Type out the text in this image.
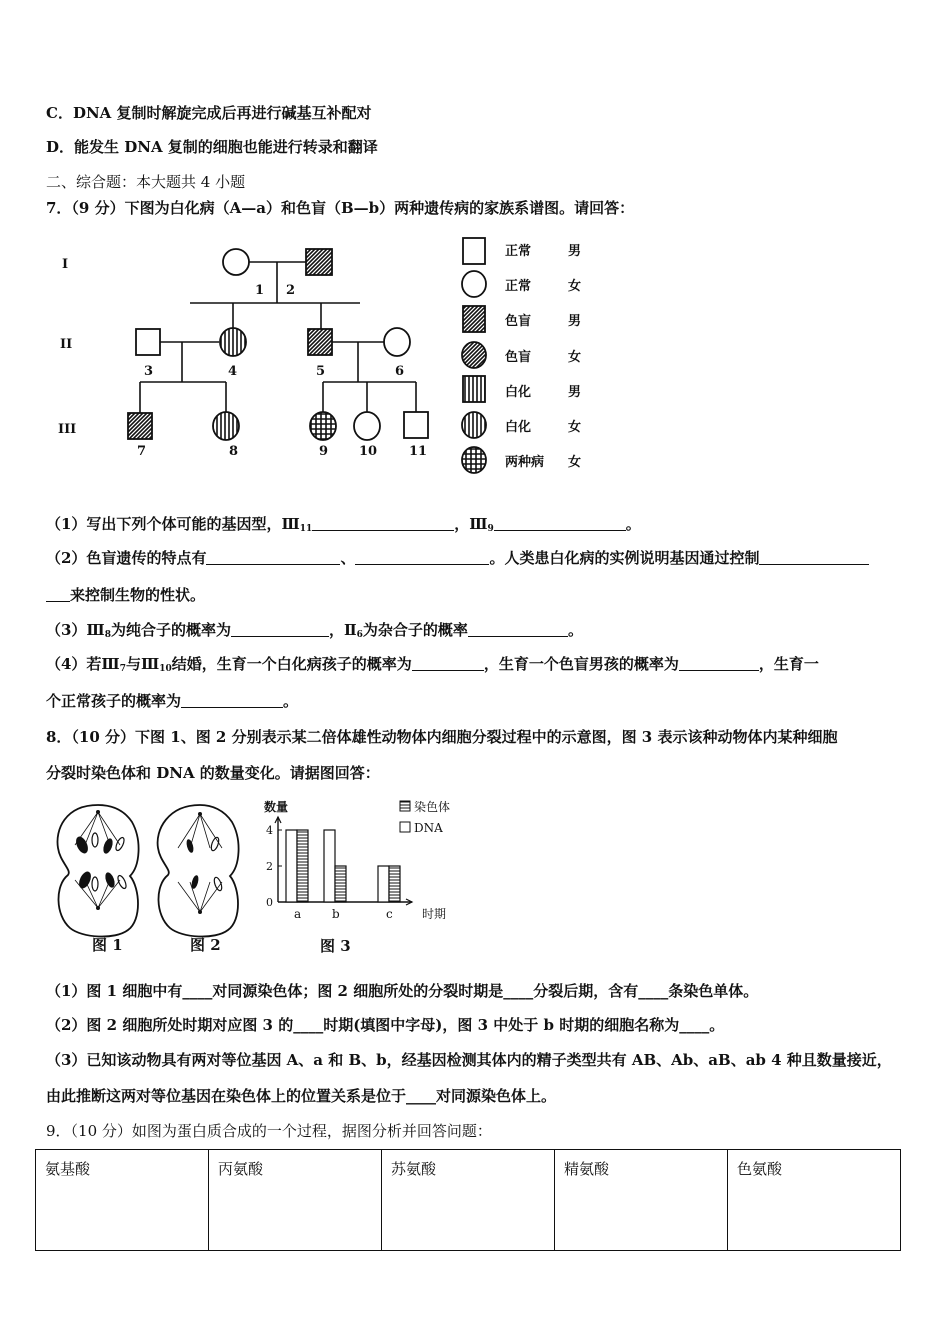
C．DNA 复制时解旋完成后再进行碱基互补配对
D．能发生 DNA 复制的细胞也能进行转录和翻译
二、综合题：本大题共 4 小题
7．（9 分）下图为白化病（A—a）和色盲（B—b）两种遗传病的家族系谱图。请回答：
I
II
III
1 2
3	4	5	6
7	8	9 10 11
正常	男
正常	女
色盲	男
色盲	女
白化	男
白化	女
两种病 女
（1）写出下列个体可能的基因型，$Ⅲ_{11}$	，$Ⅲ_9$	。
（2）色盲遗传的特点有	、	。人类患白化病的实例说明基因通过控制
来控制生物的性状。
$(3)Ⅲ_8$为纯合子的概率为	，$Ⅱ_6$为杂合子的概率	。
（4）若$Ⅲ_7$与$Ⅲ_{10}$结婚，生育一个白化病孩子的概率为	，生育一个色盲男孩的概率为	，生育一
个正常孩子的概率为	。
8．（10 分）下图 1、图 2 分别表示某二倍体雄性动物体内细胞分裂过程中的示意图，图 3 表示该种动物体内某种细胞
分裂时染色体和 DNA 的数量变化。请据图回答：
图 1	图 2
数量
时期
0
2
4
a	b	c
染色体
DNA
图 3
（1）图 1 细胞中有____对同源染色体；图 2 细胞所处的分裂时期是____分裂后期，含有____条染色单体。
（2）图 2 细胞所处时期对应图 3 的____时期(填图中字母)，图 3 中处于 b 时期的细胞名称为____。
（3）已知该动物具有两对等位基因 A、a 和 B、b，经基因检测其体内的精子类型共有 AB、Ab、aB、ab 4 种且数量接近，
由此推断这两对等位基因在染色体上的位置关系是位于____对同源染色体上。
9．（10 分）如图为蛋白质合成的一个过程，据图分析并回答问题：
氨基酸	丙氨酸	苏氨酸	精氨酸	色氨酸
